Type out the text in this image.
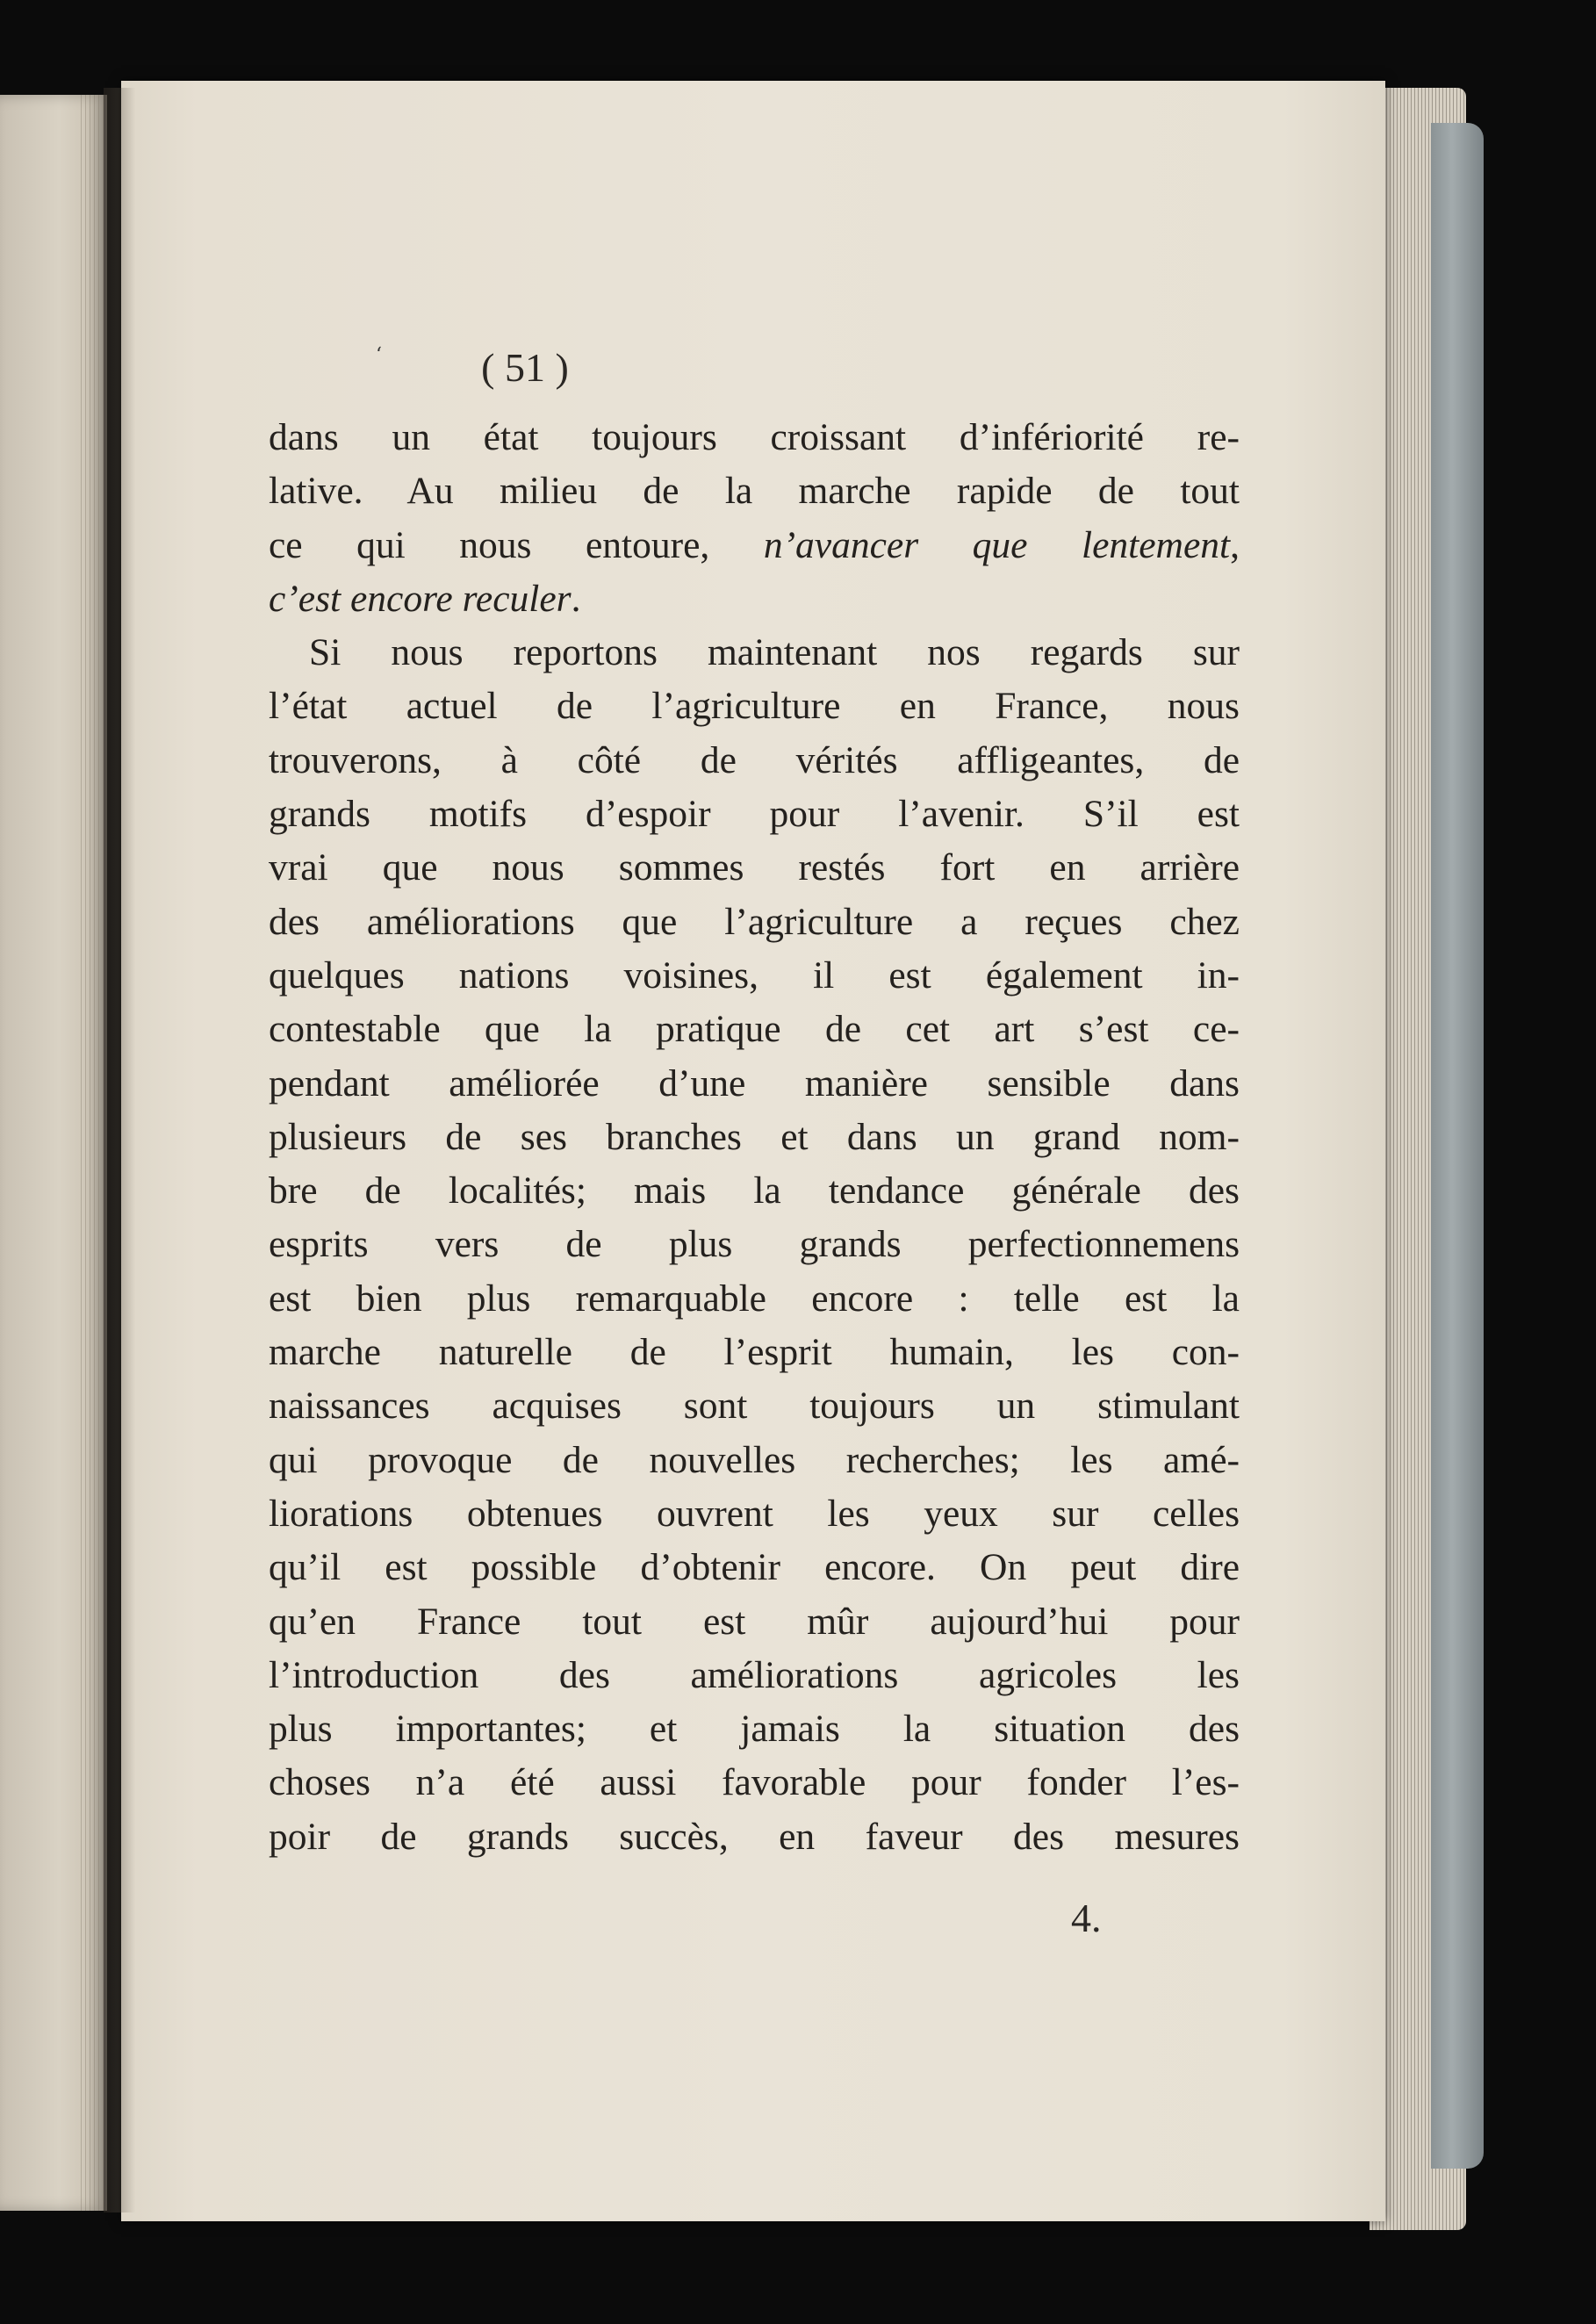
‘	( 51 )
dans un état toujours croissant d’infériorité re-
lative. Au milieu de la marche rapide de tout
ce qui nous entoure, n’avancer que lentement,
c’est encore reculer.
Si nous reportons maintenant nos regards sur
l’état actuel de l’agriculture en France, nous
trouverons, à côté de vérités affligeantes, de
grands motifs d’espoir pour l’avenir. S’il est
vrai que nous sommes restés fort en arrière
des améliorations que l’agriculture a reçues chez
quelques nations voisines, il est également in-
contestable que la pratique de cet art s’est ce-
pendant améliorée d’une manière sensible dans
plusieurs de ses branches et dans un grand nom-
bre de localités; mais la tendance générale des
esprits vers de plus grands perfectionnemens
est bien plus remarquable encore : telle est la
marche naturelle de l’esprit humain, les con-
naissances acquises sont toujours un stimulant
qui provoque de nouvelles recherches; les amé-
liorations obtenues ouvrent les yeux sur celles
qu’il est possible d’obtenir encore. On peut dire
qu’en France tout est mûr aujourd’hui pour
l’introduction des améliorations agricoles les
plus importantes; et jamais la situation des
choses n’a été aussi favorable pour fonder l’es-
poir de grands succès, en faveur des mesures
4.
